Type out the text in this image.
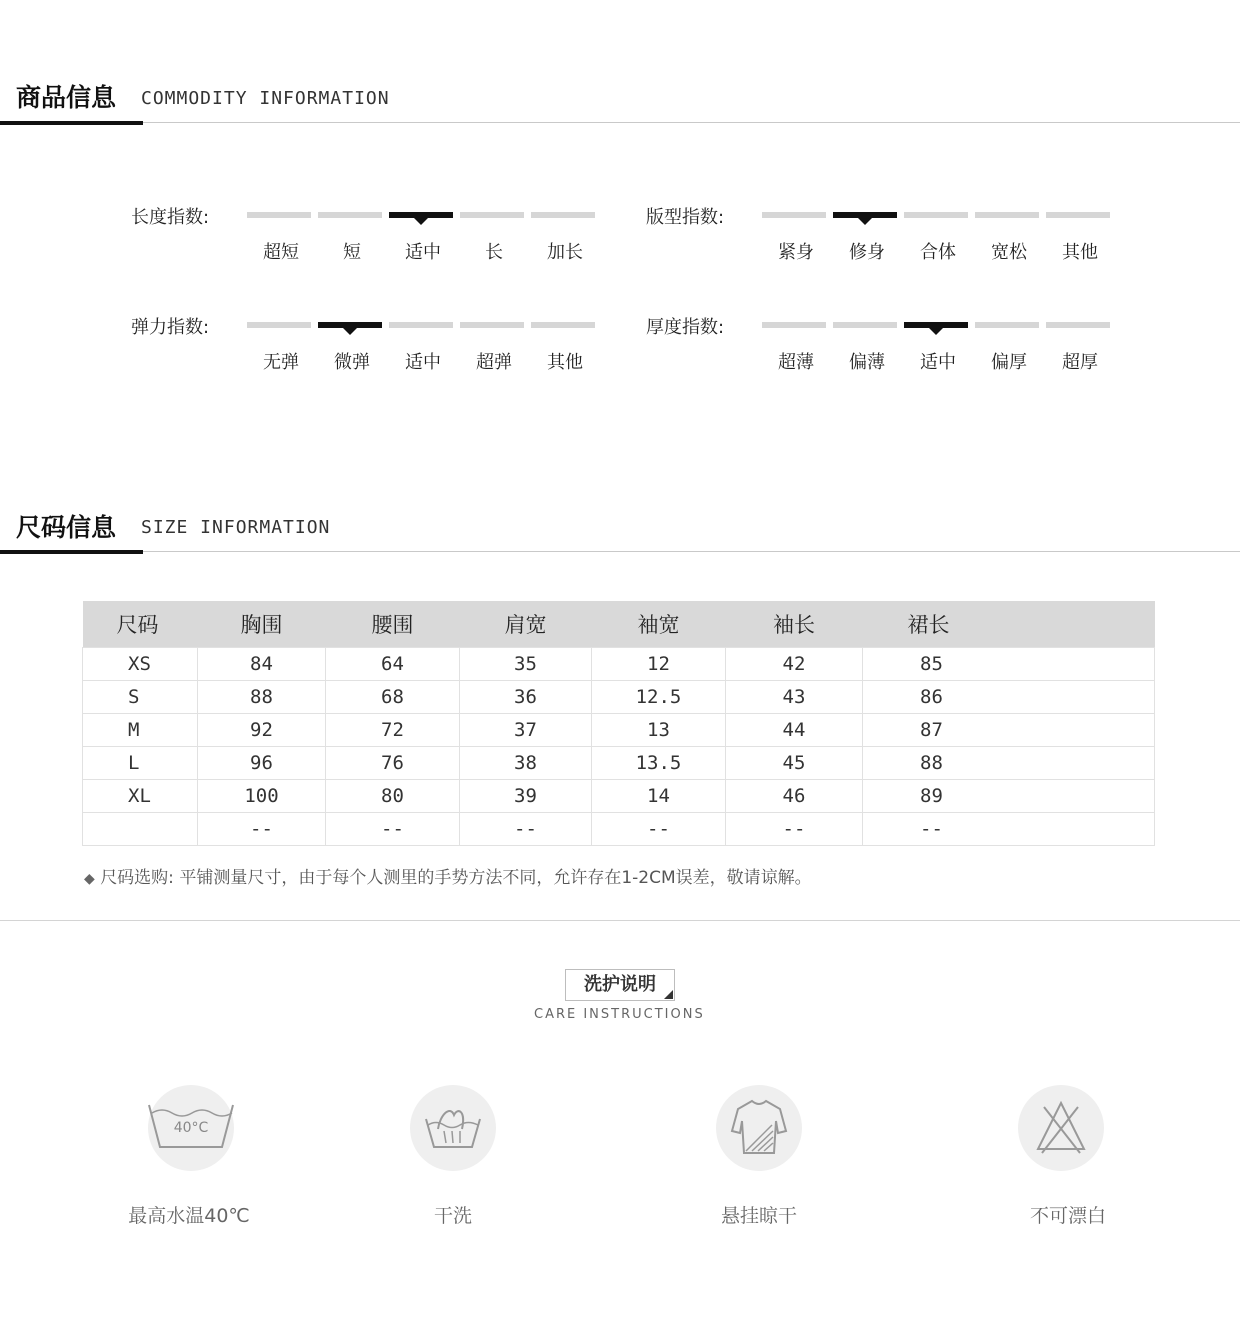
商品信息 COMMODITY INFORMATION
长度指数:
超短	短	适中	长	加长
版型指数:
紧身	修身	合体	宽松	其他
弹力指数:
无弹	微弹	适中	超弹	其他
厚度指数:
超薄	偏薄	适中	偏厚	超厚
尺码信息 SIZE INFORMATION
尺码	胸围	腰围	肩宽	袖宽	袖长	裙长
XS	84	64	35	12	42	85
S	88	68	36	12.5	43	86
M	92	72	37	13	44	87
L	96	76	38	13.5	45	88
XL	100	80	39	14	46	89
	--	--	--	--	--	--
◆ 尺码选购: 平铺测量尺寸，由于每个人测里的手势方法不同，允许存在1-2CM误差，敬请谅解。
洗护说明
CARE INSTRUCTIONS
40°C
最高水温40℃	干洗	悬挂晾干	不可漂白
